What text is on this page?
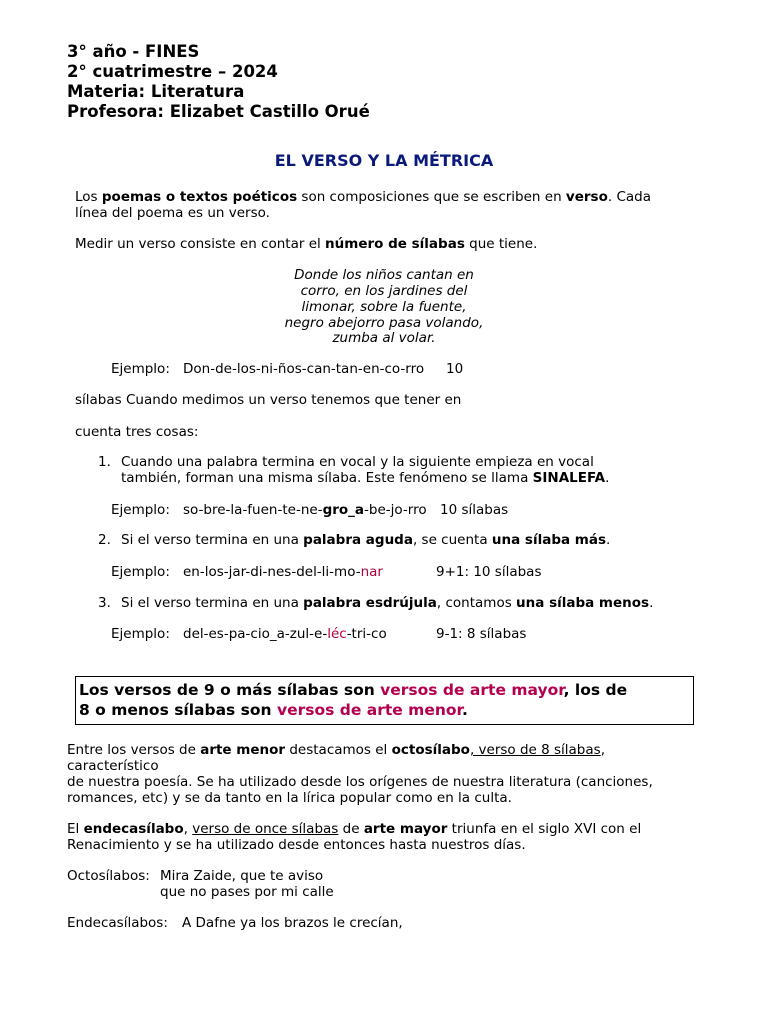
3° año - FINES
2° cuatrimestre – 2024
Materia: Literatura
Profesora: Elizabet Castillo Orué
EL VERSO Y LA MÉTRICA
Los poemas o textos poéticos son composiciones que se escriben en verso. Cada
línea del poema es un verso.
Medir un verso consiste en contar el número de sílabas que tiene.
Donde los niños cantan en
corro, en los jardines del
limonar, sobre la fuente,
negro abejorro pasa volando,
zumba al volar.
Ejemplo: Don-de-los-ni-ños-can-tan-en-co-rro 10
sílabas Cuando medimos un verso tenemos que tener en
cuenta tres cosas:
1. Cuando una palabra termina en vocal y la siguiente empieza en vocal
también, forman una misma sílaba. Este fenómeno se llama SINALEFA.
Ejemplo: so-bre-la-fuen-te-ne-gro_a-be-jo-rro 10 sílabas
2. Si el verso termina en una palabra aguda, se cuenta una sílaba más.
Ejemplo: en-los-jar-di-nes-del-li-mo-nar	9+1: 10 sílabas
3. Si el verso termina en una palabra esdrújula, contamos una sílaba menos.
Ejemplo: del-es-pa-cio_a-zul-e-léc-tri-co	9-1: 8 sílabas
Los versos de 9 o más sílabas son versos de arte mayor, los de
8 o menos sílabas son versos de arte menor.
Entre los versos de arte menor destacamos el octosílabo, verso de 8 sílabas,
característico
de nuestra poesía. Se ha utilizado desde los orígenes de nuestra literatura (canciones,
romances, etc) y se da tanto en la lírica popular como en la culta.
El endecasílabo, verso de once sílabas de arte mayor triunfa en el siglo XVI con el
Renacimiento y se ha utilizado desde entonces hasta nuestros días.
Octosílabos: Mira Zaide, que te aviso
que no pases por mi calle
Endecasílabos: A Dafne ya los brazos le crecían,
